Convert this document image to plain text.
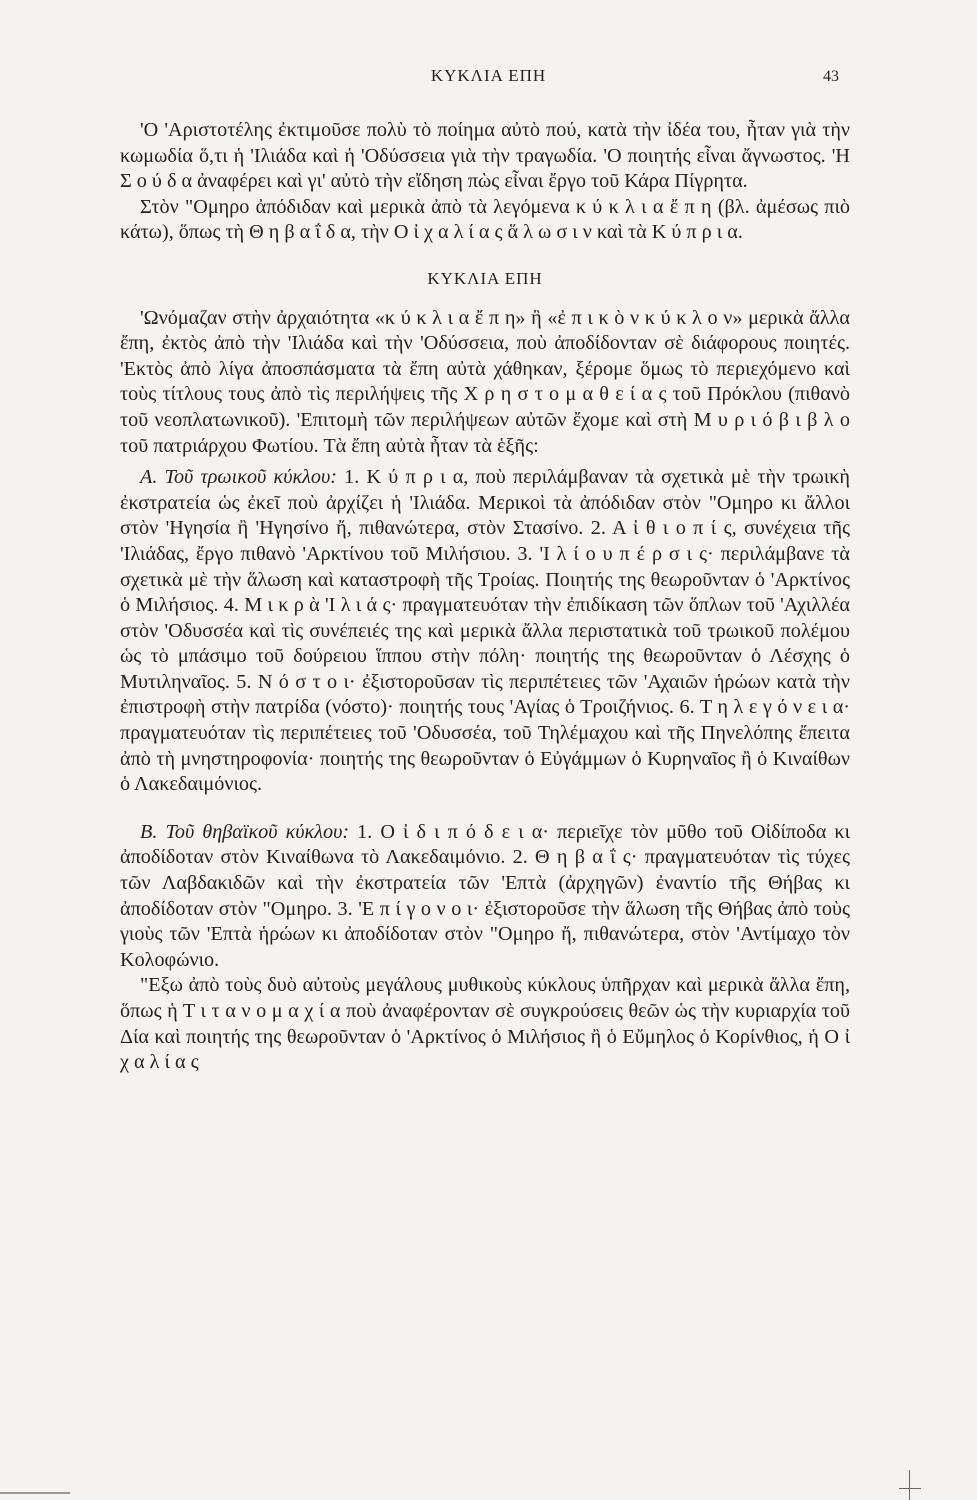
ΚΥΚΛΙΑ ΕΠΗ	43

'Ο 'Αριστοτέλης ἐκτιμοῦσε πολὺ τὸ ποίημα αὐτὸ πού, κατὰ τὴν ἰδέα του, ἦταν γιὰ τὴν κωμωδία ὅ,τι ἡ 'Ιλιάδα καὶ ἡ 'Οδύσσεια γιὰ τὴν τραγωδία. 'Ο ποιητής εἶναι ἄγνωστος. 'Η Σ ο ύ δ α ἀναφέρει καὶ γι' αὐτὸ τὴν εἴδηση πὼς εἶναι ἔργο τοῦ Κάρα Πίγρητα.

Στὸν "Ομηρο ἀπόδιδαν καὶ μερικὰ ἀπὸ τὰ λεγόμενα κ ύ κ λ ι α ἔ π η (βλ. ἀμέσως πιὸ κάτω), ὅπως τὴ Θ η β α ΐ δ α, τὴν Ο ἰ χ α λ ί α ς ἅ λ ω σ ι ν καὶ τὰ Κ ύ π ρ ι α.

ΚΥΚΛΙΑ ΕΠΗ

'Ωνόμαζαν στὴν ἀρχαιότητα «κ ύ κ λ ι α ἔ π η» ἢ «ἐ π ι κ ὸ ν κ ύ κ λ ο ν» μερικὰ ἄλλα ἔπη, ἐκτὸς ἀπὸ τὴν 'Ιλιάδα καὶ τὴν 'Οδύσσεια, ποὺ ἀποδίδονταν σὲ διάφορους ποιητές. 'Εκτὸς ἀπὸ λίγα ἀποσπάσματα τὰ ἔπη αὐτὰ χάθηκαν, ξέρομε ὅμως τὸ περιεχόμενο καὶ τοὺς τίτλους τους ἀπὸ τὶς περιλήψεις τῆς Χ ρ η σ τ ο μ α θ ε ί α ς τοῦ Πρόκλου (πιθανὸ τοῦ νεοπλατωνικοῦ). 'Επιτομὴ τῶν περιλήψεων αὐτῶν ἔχομε καὶ στὴ Μ υ ρ ι ό β ι β λ ο τοῦ πατριάρχου Φωτίου. Τὰ ἔπη αὐτὰ ἦταν τὰ ἑξῆς:

Α. Τοῦ τρωικοῦ κύκλου: 1. Κ ύ π ρ ι α, ποὺ περιλάμβαναν τὰ σχετικὰ μὲ τὴν τρωικὴ ἐκστρατεία ὡς ἐκεῖ ποὺ ἀρχίζει ἡ 'Ιλιάδα. Μερικοὶ τὰ ἀπόδιδαν στὸν "Ομηρο κι ἄλλοι στὸν 'Ηγησία ἢ 'Ηγησίνο ἤ, πιθανώτερα, στὸν Στασίνο. 2. Α ἰ θ ι ο π ί ς, συνέχεια τῆς 'Ιλιάδας, ἔργο πιθανὸ 'Αρκτίνου τοῦ Μιλήσιου. 3. 'Ι λ ί ο υ π έ ρ σ ι ς· περιλάμβανε τὰ σχετικὰ μὲ τὴν ἅλωση καὶ καταστροφὴ τῆς Τροίας. Ποιητής της θεωροῦνταν ὁ 'Αρκτίνος ὁ Μιλήσιος. 4. Μ ι κ ρ ὰ 'Ι λ ι ά ς· πραγματευόταν τὴν ἐπιδίκαση τῶν ὅπλων τοῦ 'Αχιλλέα στὸν 'Οδυσσέα καὶ τὶς συνέπειές της καὶ μερικὰ ἄλλα περιστατικὰ τοῦ τρωικοῦ πολέμου ὡς τὸ μπάσιμο τοῦ δούρειου ἵππου στὴν πόλη· ποιητής της θεωροῦνταν ὁ Λέσχης ὁ Μυτιληναῖος. 5. Ν ό σ τ ο ι· ἐξιστοροῦσαν τὶς περιπέτειες τῶν 'Αχαιῶν ἡρώων κατὰ τὴν ἐπιστροφὴ στὴν πατρίδα (νόστο)· ποιητής τους 'Αγίας ὁ Τροιζήνιος. 6. Τ η λ ε γ ό ν ε ι α· πραγματευόταν τὶς περιπέτειες τοῦ 'Οδυσσέα, τοῦ Τηλέμαχου καὶ τῆς Πηνελόπης ἔπειτα ἀπὸ τὴ μνηστηροφονία· ποιητής της θεωροῦνταν ὁ Εὐγάμμων ὁ Κυρηναῖος ἢ ὁ Κιναίθων ὁ Λακεδαιμόνιος.

Β. Τοῦ θηβαϊκοῦ κύκλου: 1. Ο ἰ δ ι π ό δ ε ι α· περιεῖχε τὸν μῦθο τοῦ Οἰδίποδα κι ἀποδίδοταν στὸν Κιναίθωνα τὸ Λακεδαιμόνιο. 2. Θ η β α ΐ ς· πραγματευόταν τὶς τύχες τῶν Λαβδακιδῶν καὶ τὴν ἐκστρατεία τῶν 'Επτὰ (ἀρχηγῶν) ἐναντίο τῆς Θήβας κι ἀποδίδοταν στὸν "Ομηρο. 3. 'Ε π ί γ ο ν ο ι· ἐξιστοροῦσε τὴν ἅλωση τῆς Θήβας ἀπὸ τοὺς γιοὺς τῶν 'Επτὰ ἡρώων κι ἀποδίδοταν στὸν "Ομηρο ἤ, πιθανώτερα, στὸν 'Αντίμαχο τὸν Κολοφώνιο.

"Εξω ἀπὸ τοὺς δυὸ αὐτοὺς μεγάλους μυθικοὺς κύκλους ὑπῆρχαν καὶ μερικὰ ἄλλα ἔπη, ὅπως ἡ Τ ι τ α ν ο μ α χ ί α ποὺ ἀναφέρονταν σὲ συγκρούσεις θεῶν ὡς τὴν κυριαρχία τοῦ Δία καὶ ποιητής της θεωροῦνταν ὁ 'Αρκτίνος ὁ Μιλήσιος ἢ ὁ Εὔμηλος ὁ Κορίνθιος, ἡ Ο ἰ χ α λ ί α ς
